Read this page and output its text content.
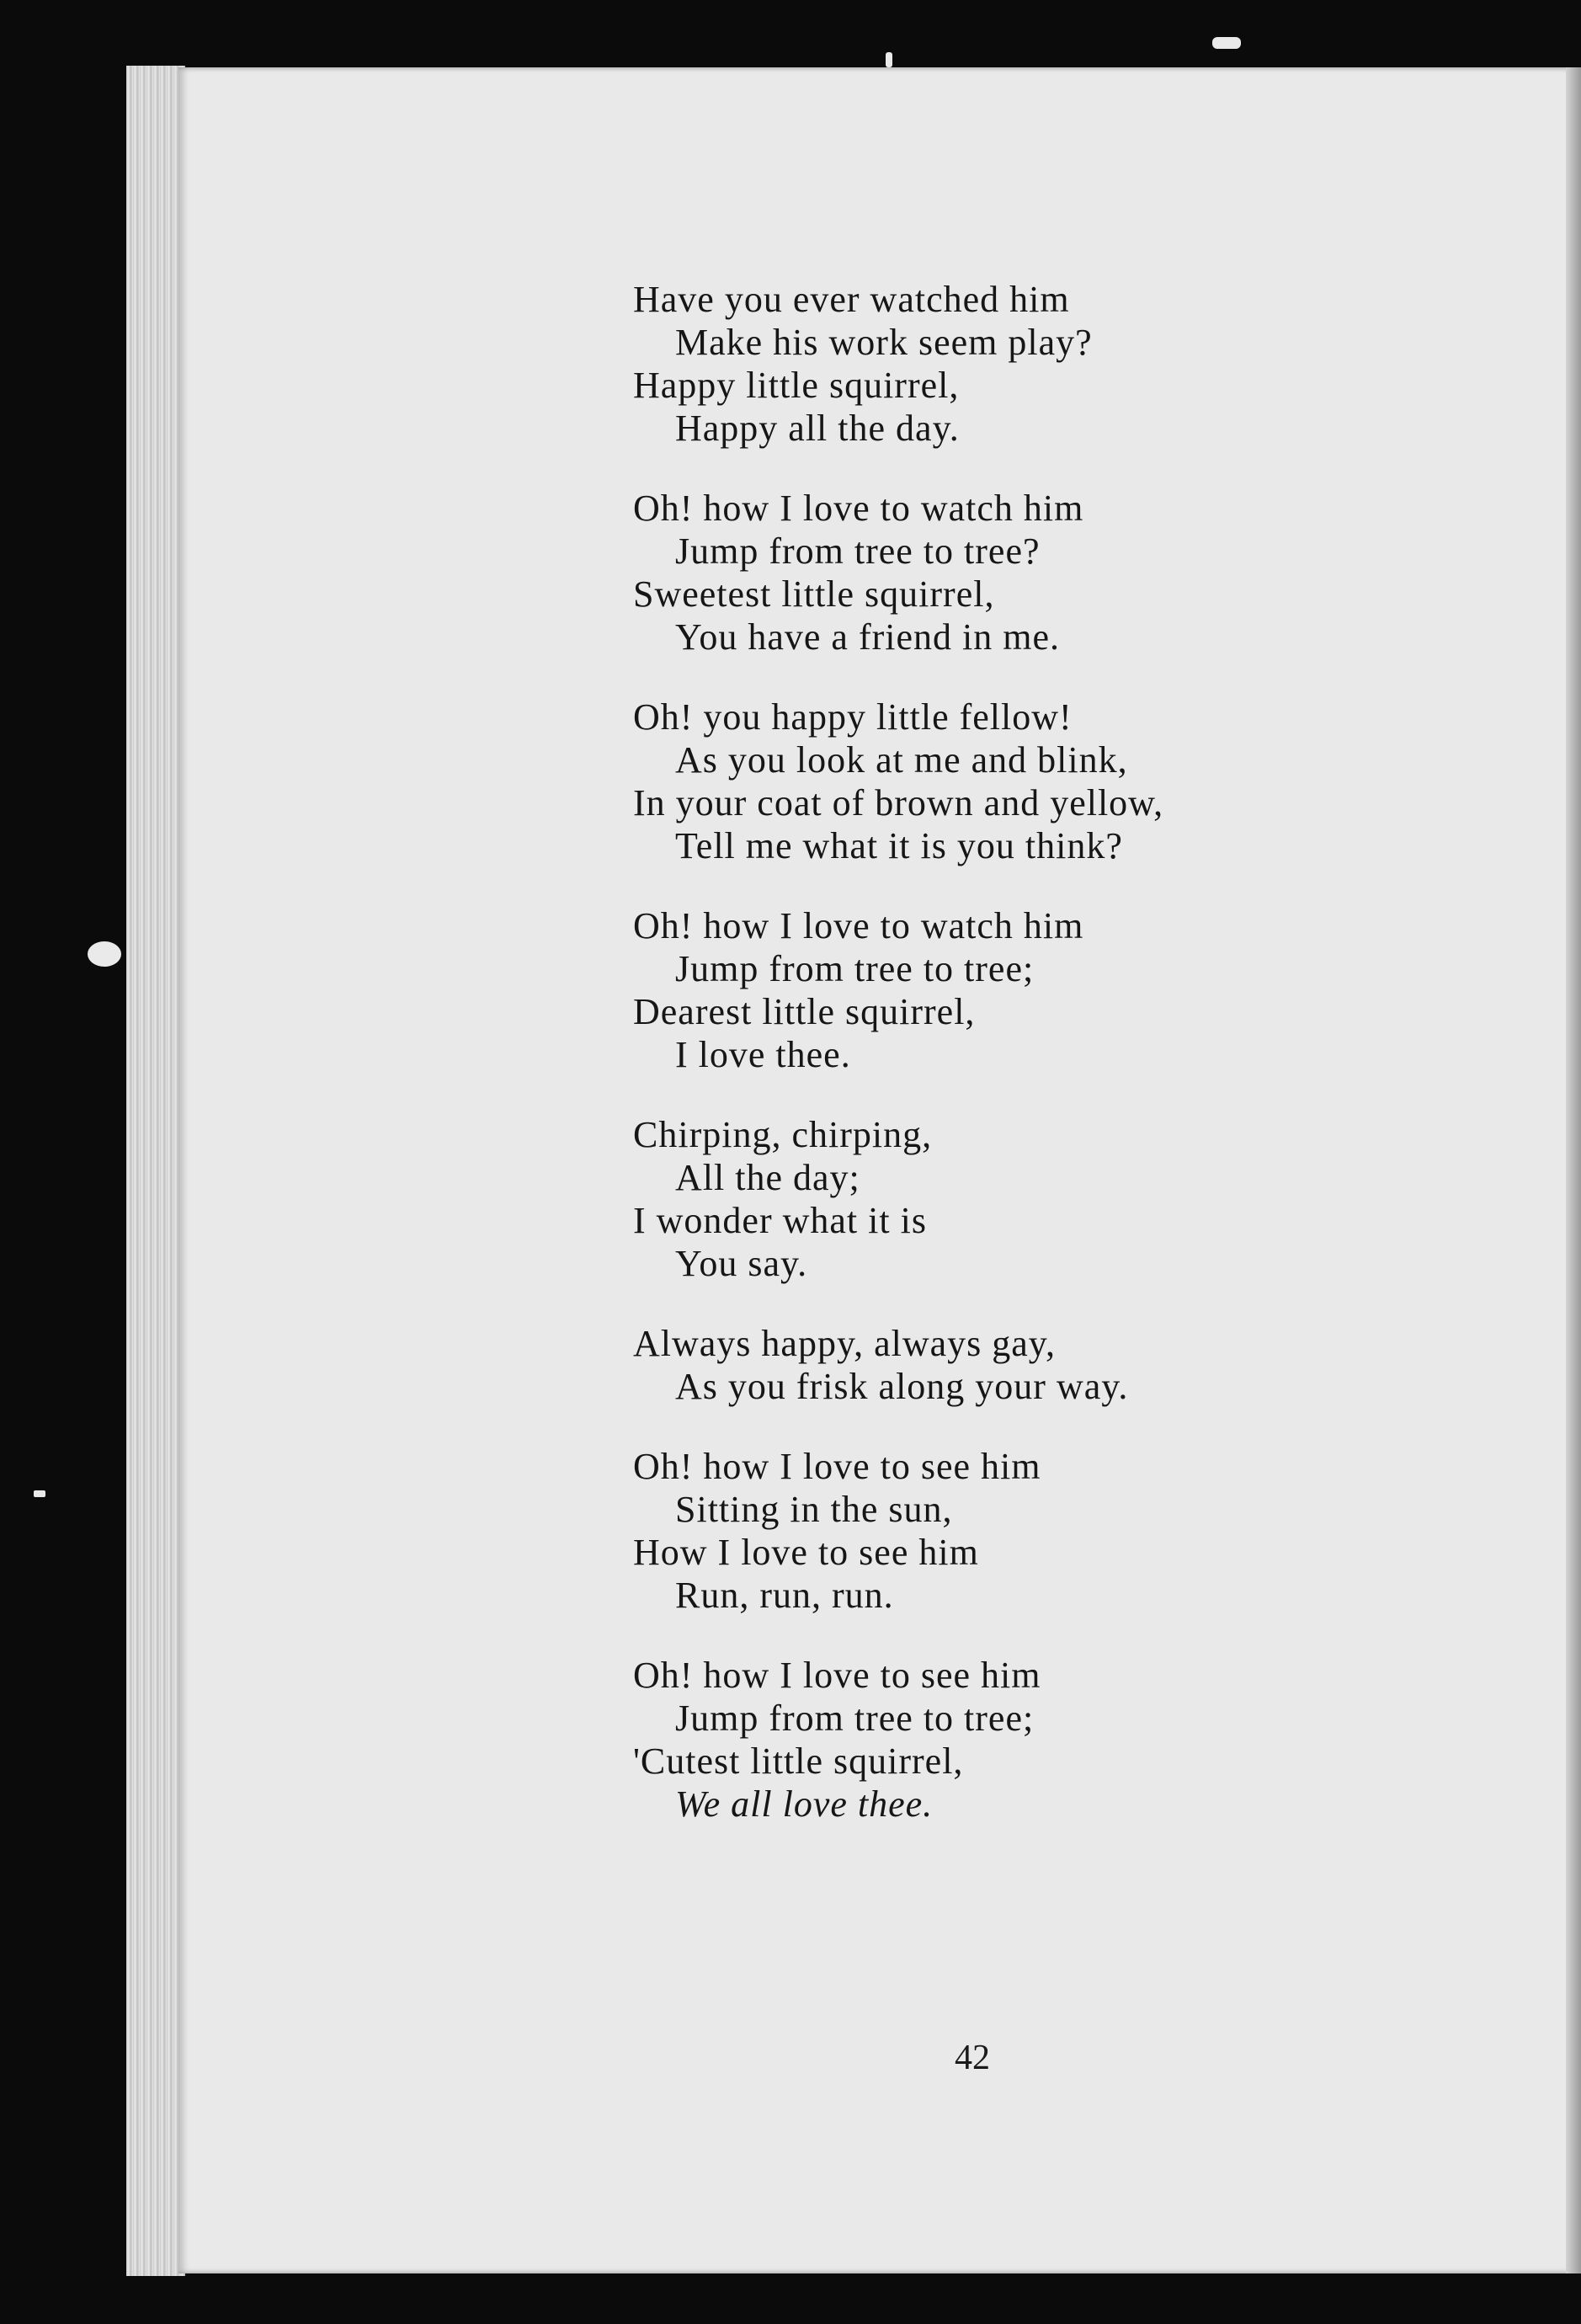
Have you ever watched him
Make his work seem play?
Happy little squirrel,
Happy all the day.
Oh! how I love to watch him
Jump from tree to tree?
Sweetest little squirrel,
You have a friend in me.
Oh! you happy little fellow!
As you look at me and blink,
In your coat of brown and yellow,
Tell me what it is you think?
Oh! how I love to watch him
Jump from tree to tree;
Dearest little squirrel,
I love thee.
Chirping, chirping,
All the day;
I wonder what it is
You say.
Always happy, always gay,
As you frisk along your way.
Oh! how I love to see him
Sitting in the sun,
How I love to see him
Run, run, run.
Oh! how I love to see him
Jump from tree to tree;
'Cutest little squirrel,
We all love thee.
42
